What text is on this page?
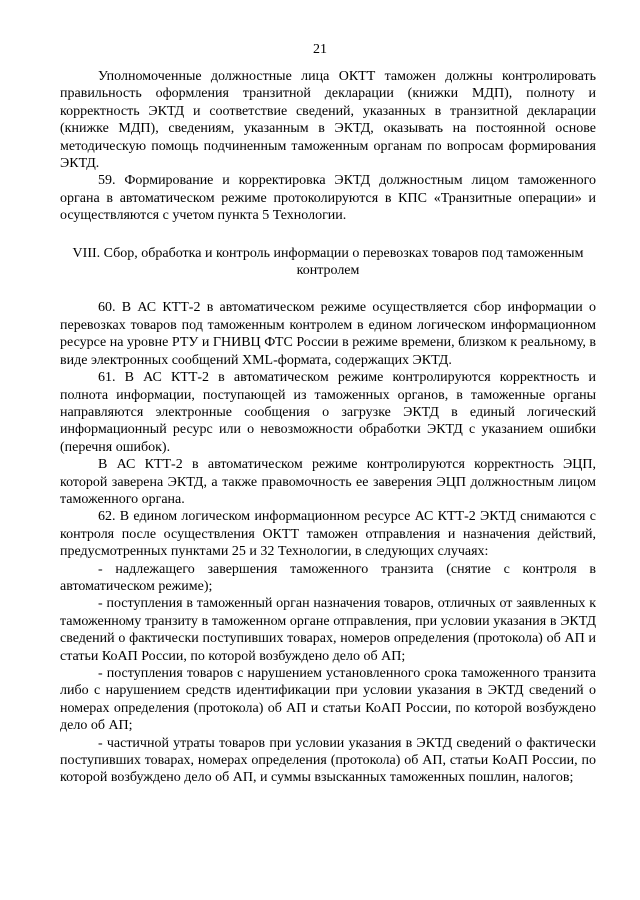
21

Уполномоченные должностные лица ОКТТ таможен должны контролировать правильность оформления транзитной декларации (книжки МДП), полноту и корректность ЭКТД и соответствие сведений, указанных в транзитной декларации (книжке МДП), сведениям, указанным в ЭКТД, оказывать на постоянной основе методическую помощь подчиненным таможенным органам по вопросам формирования ЭКТД.

59. Формирование и корректировка ЭКТД должностным лицом таможенного органа в автоматическом режиме протоколируются в КПС «Транзитные операции» и осуществляются с учетом пункта 5 Технологии.

VIII. Сбор, обработка и контроль информации о перевозках товаров под таможенным контролем

60. В АС КТТ-2 в автоматическом режиме осуществляется сбор информации о перевозках товаров под таможенным контролем в едином логическом информационном ресурсе на уровне РТУ и ГНИВЦ ФТС России в режиме времени, близком к реальному, в виде электронных сообщений XML-формата, содержащих ЭКТД.

61. В АС КТТ-2 в автоматическом режиме контролируются корректность и полнота информации, поступающей из таможенных органов, в таможенные органы направляются электронные сообщения о загрузке ЭКТД в единый логический информационный ресурс или о невозможности обработки ЭКТД с указанием ошибки (перечня ошибок).

В АС КТТ-2 в автоматическом режиме контролируются корректность ЭЦП, которой заверена ЭКТД, а также правомочность ее заверения ЭЦП должностным лицом таможенного органа.

62. В едином логическом информационном ресурсе АС КТТ-2 ЭКТД снимаются с контроля после осуществления ОКТТ таможен отправления и назначения действий, предусмотренных пунктами 25 и 32 Технологии, в следующих случаях:

- надлежащего завершения таможенного транзита (снятие с контроля в автоматическом режиме);

- поступления в таможенный орган назначения товаров, отличных от заявленных к таможенному транзиту в таможенном органе отправления, при условии указания в ЭКТД сведений о фактически поступивших товарах, номеров определения (протокола) об АП и статьи КоАП России, по которой возбуждено дело об АП;

- поступления товаров с нарушением установленного срока таможенного транзита либо с нарушением средств идентификации при условии указания в ЭКТД сведений о номерах определения (протокола) об АП и статьи КоАП России, по которой возбуждено дело об АП;

- частичной утраты товаров при условии указания в ЭКТД сведений о фактически поступивших товарах, номерах определения (протокола) об АП, статьи КоАП России, по которой возбуждено дело об АП, и суммы взысканных таможенных пошлин, налогов;
